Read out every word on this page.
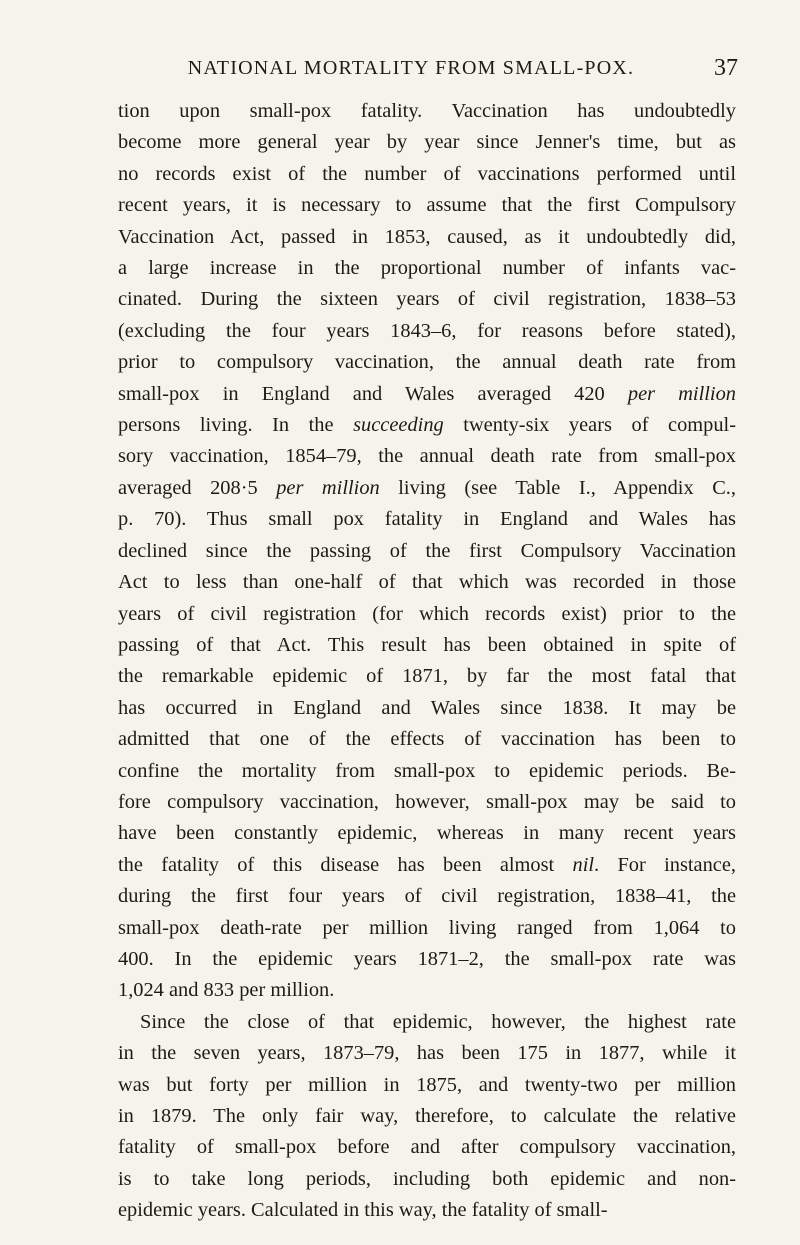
NATIONAL MORTALITY FROM SMALL-POX.	37
tion upon small-pox fatality. Vaccination has undoubtedly
become more general year by year since Jenner's time, but as
no records exist of the number of vaccinations performed until
recent years, it is necessary to assume that the first Compulsory
Vaccination Act, passed in 1853, caused, as it undoubtedly did,
a large increase in the proportional number of infants vac-
cinated. During the sixteen years of civil registration, 1838–53
(excluding the four years 1843–6, for reasons before stated),
prior to compulsory vaccination, the annual death rate from
small-pox in England and Wales averaged 420 per million
persons living. In the succeeding twenty-six years of compul-
sory vaccination, 1854–79, the annual death rate from small-pox
averaged 208·5 per million living (see Table I., Appendix C.,
p. 70). Thus small pox fatality in England and Wales has
declined since the passing of the first Compulsory Vaccination
Act to less than one-half of that which was recorded in those
years of civil registration (for which records exist) prior to the
passing of that Act. This result has been obtained in spite of
the remarkable epidemic of 1871, by far the most fatal that
has occurred in England and Wales since 1838. It may be
admitted that one of the effects of vaccination has been to
confine the mortality from small-pox to epidemic periods. Be-
fore compulsory vaccination, however, small-pox may be said to
have been constantly epidemic, whereas in many recent years
the fatality of this disease has been almost nil. For instance,
during the first four years of civil registration, 1838–41, the
small-pox death-rate per million living ranged from 1,064 to
400. In the epidemic years 1871–2, the small-pox rate was
1,024 and 833 per million.
Since the close of that epidemic, however, the highest rate
in the seven years, 1873–79, has been 175 in 1877, while it
was but forty per million in 1875, and twenty-two per million
in 1879. The only fair way, therefore, to calculate the relative
fatality of small-pox before and after compulsory vaccination,
is to take long periods, including both epidemic and non-
epidemic years. Calculated in this way, the fatality of small-
